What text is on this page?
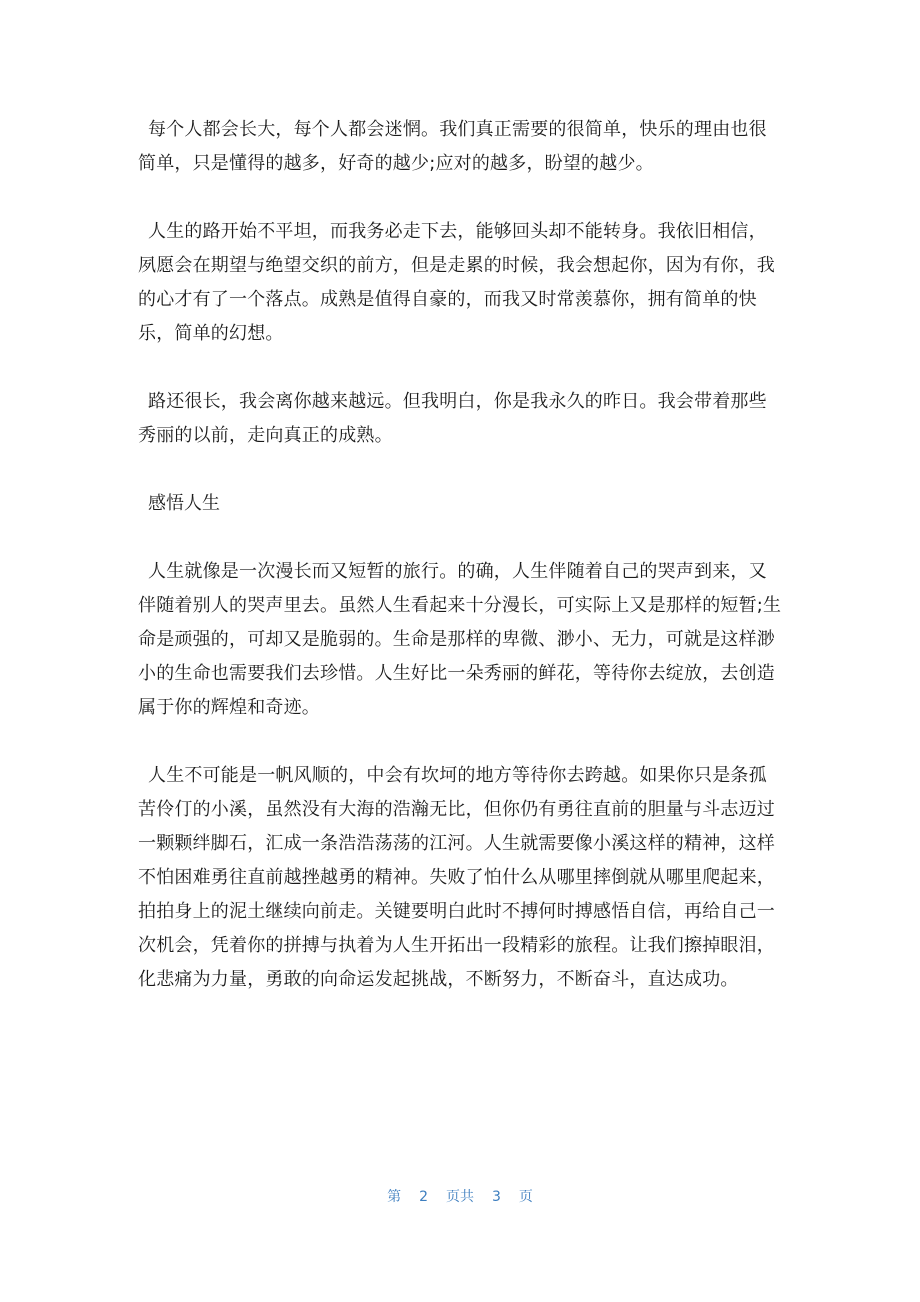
每个人都会长大，每个人都会迷惘。我们真正需要的很简单，快乐的理由也很简单，只是懂得的越多，好奇的越少;应对的越多，盼望的越少。

人生的路开始不平坦，而我务必走下去，能够回头却不能转身。我依旧相信，夙愿会在期望与绝望交织的前方，但是走累的时候，我会想起你，因为有你，我的心才有了一个落点。成熟是值得自豪的，而我又时常羡慕你，拥有简单的快乐，简单的幻想。

路还很长，我会离你越来越远。但我明白，你是我永久的昨日。我会带着那些秀丽的以前，走向真正的成熟。

感悟人生

人生就像是一次漫长而又短暂的旅行。的确，人生伴随着自己的哭声到来，又伴随着别人的哭声里去。虽然人生看起来十分漫长，可实际上又是那样的短暂;生命是顽强的，可却又是脆弱的。生命是那样的卑微、渺小、无力，可就是这样渺小的生命也需要我们去珍惜。人生好比一朵秀丽的鲜花，等待你去绽放，去创造属于你的辉煌和奇迹。

人生不可能是一帆风顺的，中会有坎坷的地方等待你去跨越。如果你只是条孤苦伶仃的小溪，虽然没有大海的浩瀚无比，但你仍有勇往直前的胆量与斗志迈过一颗颗绊脚石，汇成一条浩浩荡荡的江河。人生就需要像小溪这样的精神，这样不怕困难勇往直前越挫越勇的精神。失败了怕什么从哪里摔倒就从哪里爬起来，拍拍身上的泥土继续向前走。关键要明白此时不搏何时搏感悟自信，再给自己一次机会，凭着你的拼搏与执着为人生开拓出一段精彩的旅程。让我们擦掉眼泪，化悲痛为力量，勇敢的向命运发起挑战，不断努力，不断奋斗，直达成功。

第 2 页共 3 页
